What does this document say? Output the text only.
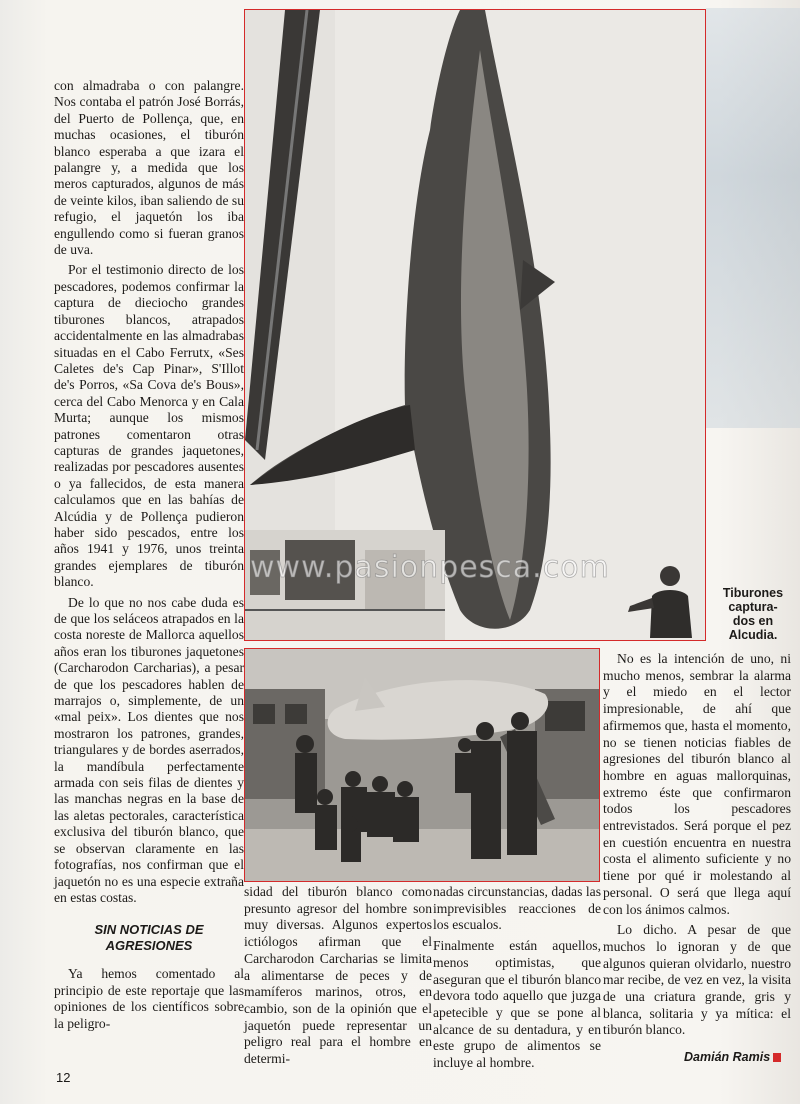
con almadraba o con palangre. Nos contaba el patrón José Borrás, del Puerto de Pollença, que, en muchas ocasiones, el tiburón blanco esperaba a que izara el palangre y, a medida que los meros capturados, algunos de más de veinte kilos, iban saliendo de su refugio, el jaquetón los iba engullendo como si fueran granos de uva.

Por el testimonio directo de los pescadores, podemos confirmar la captura de dieciocho grandes tiburones blancos, atrapados accidentalmente en las almadrabas situadas en el Cabo Ferrutx, «Ses Caletes de's Cap Pinar», S'Illot de's Porros, «Sa Cova de's Bous», cerca del Cabo Menorca y en Cala Murta; aunque los mismos patrones comentaron otras capturas de grandes jaquetones, realizadas por pescadores ausentes o ya fallecidos, de esta manera calculamos que en las bahías de Alcúdia y de Pollença pudieron haber sido pescados, entre los años 1941 y 1976, unos treinta grandes ejemplares de tiburón blanco.

De lo que no nos cabe duda es de que los seláceos atrapados en la costa noreste de Mallorca aquellos años eran los tiburones jaquetones (Carcharodon Carcharias), a pesar de que los pescadores hablen de marrajos o, simplemente, de un «mal peix». Los dientes que nos mostraron los patrones, grandes, triangulares y de bordes aserrados, la mandíbula perfectamente armada con seis filas de dientes y las manchas negras en la base de las aletas pectorales, característica exclusiva del tiburón blanco, que se observan claramente en las fotografías, nos confirman que el jaquetón no es una especie extraña en estas costas.

SIN NOTICIAS DE AGRESIONES

Ya hemos comentado al principio de este reportaje que las opiniones de los científicos sobre la peligro-

12
Tiburones
captura-
dos en
Alcudia.
www.pasionpesca.com

sidad del tiburón blanco como presunto agresor del hombre son muy diversas. Algunos expertos ictiólogos afirman que el Carcharodon Carcharias se limita a alimentarse de peces y de mamíferos marinos, otros, en cambio, son de la opinión que el jaquetón puede representar un peligro real para el hombre en determi-

nadas circunstancias, dadas las imprevisibles reacciones de los escualos.

Finalmente están aquellos, menos optimistas, que aseguran que el tiburón blanco devora todo aquello que juzga apetecible y que se pone al alcance de su dentadura, y en este grupo de alimentos se incluye al hombre.

No es la intención de uno, ni mucho menos, sembrar la alarma y el miedo en el lector impresionable, de ahí que afirmemos que, hasta el momento, no se tienen noticias fiables de agresiones del tiburón blanco al hombre en aguas mallorquinas, extremo éste que confirmaron todos los pescadores entrevistados. Será porque el pez en cuestión encuentra en nuestra costa el alimento suficiente y no tiene por qué ir molestando al personal. O será que llega aquí con los ánimos calmos.

Lo dicho. A pesar de que muchos lo ignoran y de que algunos quieran olvidarlo, nuestro mar recibe, de vez en vez, la visita de una criatura grande, gris y blanca, solitaria y ya mítica: el tiburón blanco.

Damián Ramis
